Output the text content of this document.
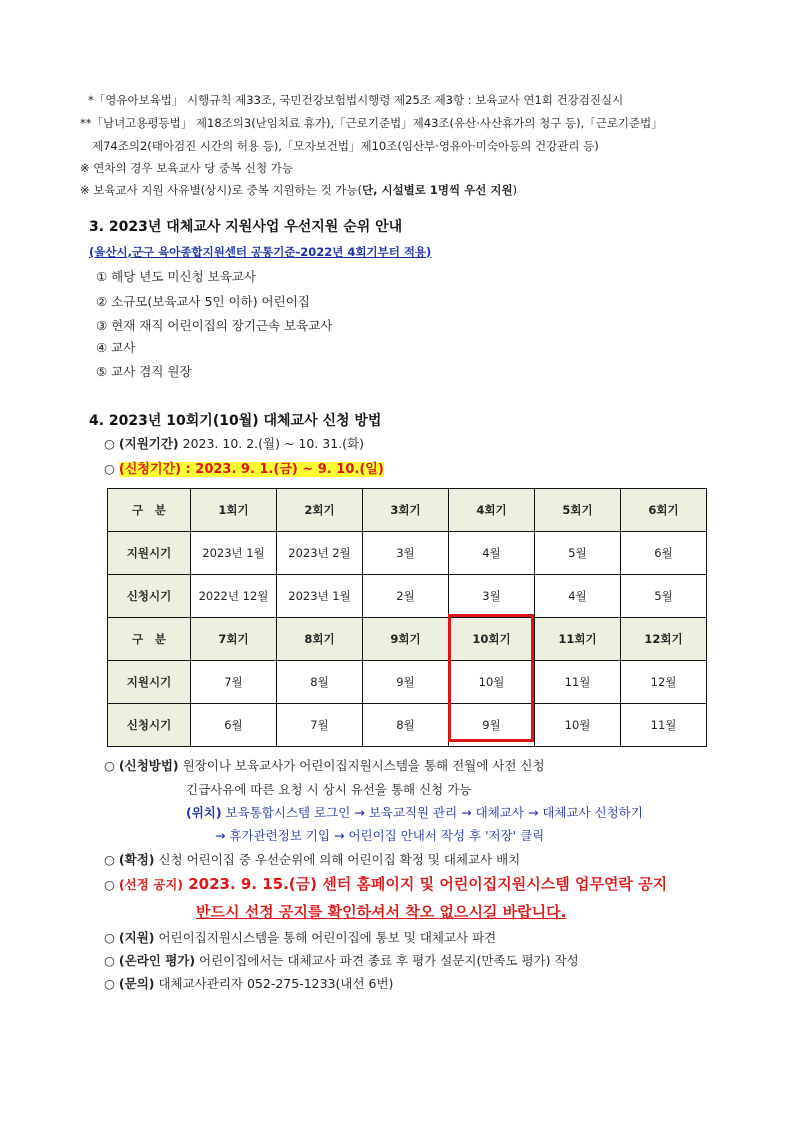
*「영유아보육법」 시행규칙 제33조, 국민건강보험법시행령 제25조 제3항 : 보육교사 연1회 건강검진실시
**「남녀고용평등법」 제18조의3(난임치료 휴가),「근로기준법」제43조(유산·사산휴가의 청구 등),「근로기준법」
제74조의2(태아검진 시간의 허용 등),「모자보건법」제10조(임산부·영유아·미숙아등의 건강관리 등)
※ 연차의 경우 보육교사 당 중복 신청 가능
※ 보육교사 지원 사유별(상시)로 중복 지원하는 것 가능(단, 시설별로 1명씩 우선 지원)
3. 2023년 대체교사 지원사업 우선지원 순위 안내
(울산시,군구 육아종합지원센터 공통기준-2022년 4회기부터 적용)
① 해당 년도 미신청 보육교사
② 소규모(보육교사 5인 이하) 어린이집
③ 현재 재직 어린이집의 장기근속 보육교사
④ 교사
⑤ 교사 겸직 원장
4. 2023년 10회기(10월) 대체교사 신청 방법
○ (지원기간) 2023. 10. 2.(월) ~ 10. 31.(화)
○ (신청기간) : 2023. 9. 1.(금) ~ 9. 10.(일)
구　분	1회기	2회기	3회기	4회기	5회기	6회기
지원시기	2023년 1월	2023년 2월	3월	4월	5월	6월
신청시기	2022년 12월	2023년 1월	2월	3월	4월	5월
구　분	7회기	8회기	9회기	10회기	11회기	12회기
지원시기	7월	8월	9월	10월	11월	12월
신청시기	6월	7월	8월	9월	10월	11월
○ (신청방법) 원장이나 보육교사가 어린이집지원시스템을 통해 전월에 사전 신청
긴급사유에 따른 요청 시 상시 유선을 통해 신청 가능
(위치) 보육통합시스템 로그인 → 보육교직원 관리 → 대체교사 → 대체교사 신청하기
→ 휴가관련정보 기입 → 어린이집 안내서 작성 후 '저장' 클릭
○ (확정) 신청 어린이집 중 우선순위에 의해 어린이집 확정 및 대체교사 배치
○ (선정 공지) 2023. 9. 15.(금) 센터 홈페이지 및 어린이집지원시스템 업무연락 공지
반드시 선정 공지를 확인하셔서 착오 없으시길 바랍니다.
○ (지원) 어린이집지원시스템을 통해 어린이집에 통보 및 대체교사 파견
○ (온라인 평가) 어린이집에서는 대체교사 파견 종료 후 평가 설문지(만족도 평가) 작성
○ (문의) 대체교사관리자 052-275-1233(내선 6번)
